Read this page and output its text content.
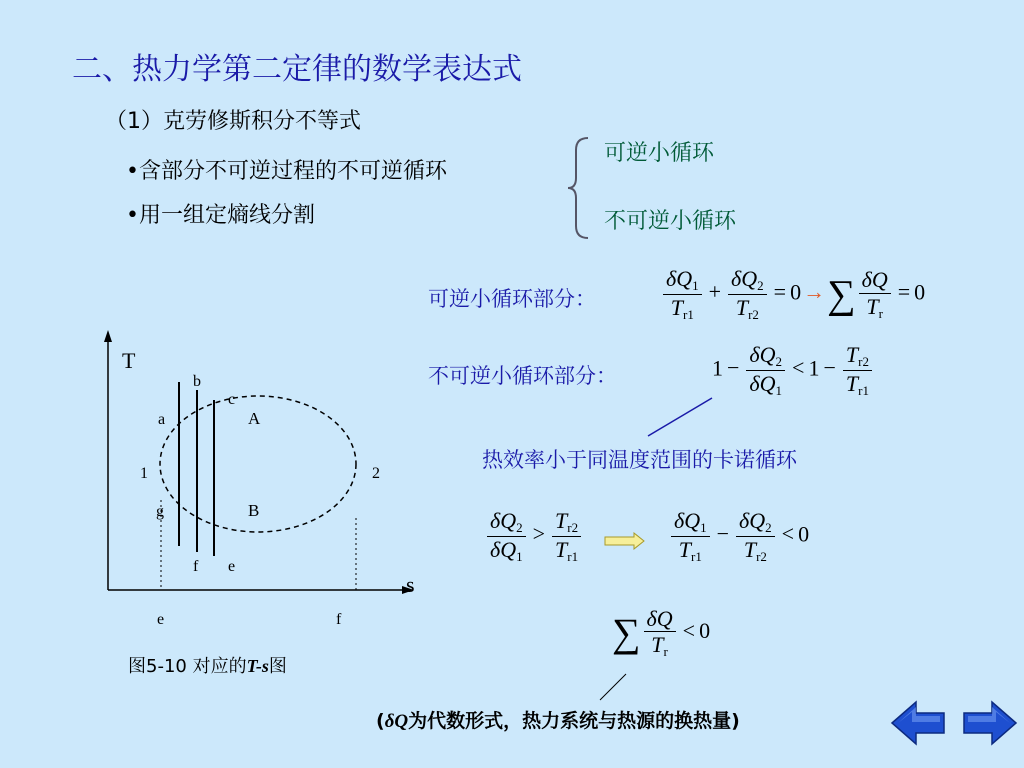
二、热力学第二定律的数学表达式
（1）克劳修斯积分不等式
•含部分不可逆过程的不可逆循环
•用一组定熵线分割
可逆小循环
不可逆小循环
可逆小循环部分：	$\frac{\delta Q_1}{T_{r1}} + \frac{\delta Q_2}{T_{r2}} = 0\to\sum \frac{\delta Q}{T_r} = 0$
不可逆小循环部分：	$1 - \frac{\delta Q_2}{\delta Q_1} < 1 - \frac{T_{r2}}{T_{r1}}$
热效率小于同温度范围的卡诺循环
$\frac{\delta Q_2}{\delta Q_1} > \frac{T_{r2}}{T_{r1}}$	$\frac{\delta Q_1}{T_{r1}} - \frac{\delta Q_2}{T_{r2}} < 0$
∑ $\frac{\delta Q}{T_r} < 0$
T
s
b
c
a	A
1	2
g	B
f e
e	f
图5-10 对应的T-s图
(δQ为代数形式，热力系统与热源的换热量)
